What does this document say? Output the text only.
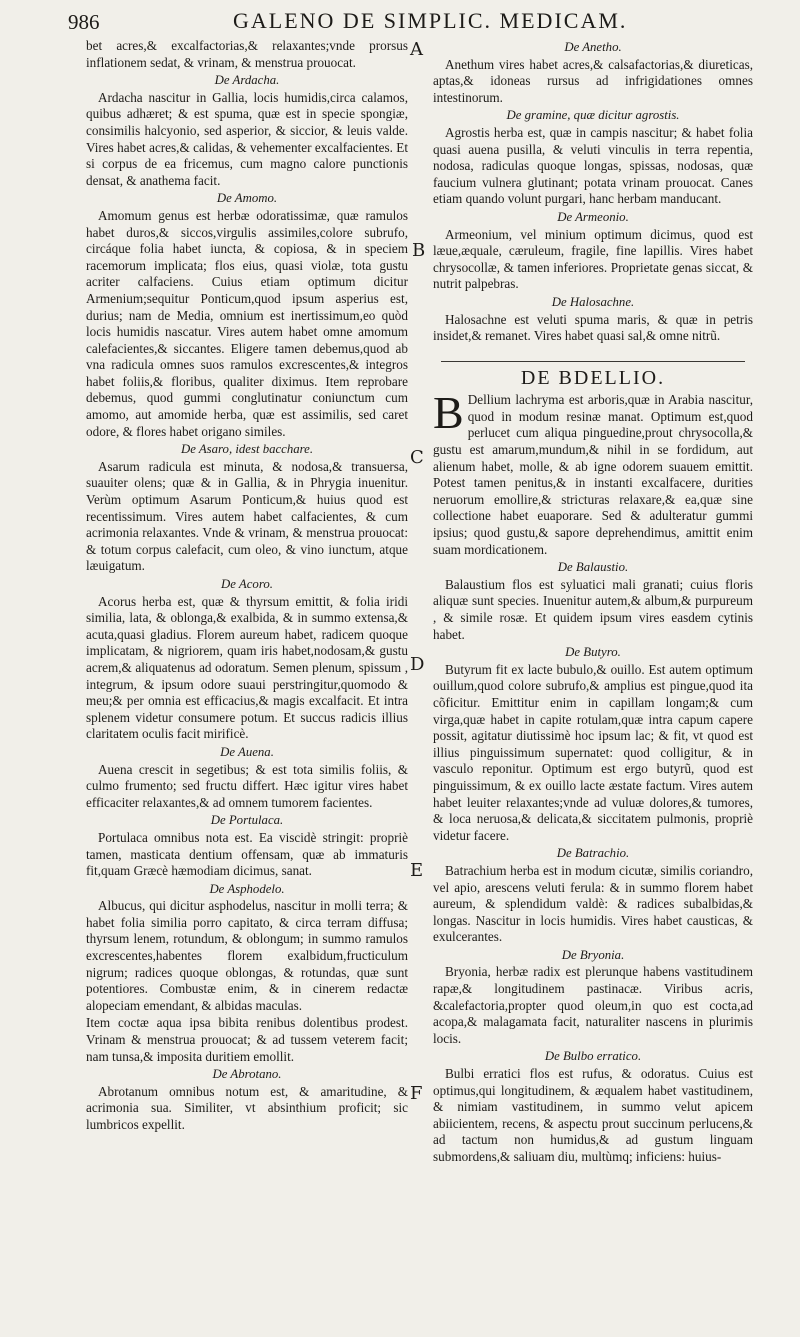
986	GALENO DE SIMPLIC. MEDICAM.
A
B
C
D
E
F

bet acres,& excalfactorias,& relaxantes;vnde prorsus inflationem sedat, & vrinam, & menstrua prouocat.

De Ardacha.

Ardacha nascitur in Gallia, locis humidis,circa calamos, quibus adhæret; & est spuma, quæ est in specie spongiæ, consimilis halcyonio, sed asperior, & siccior, & leuis valde. Vires habet acres,& calidas, & vehementer excalfacientes. Et si corpus de ea fricemus, cum magno calore punctionis densat, & anathema facit.

De Amomo.

Amomum genus est herbæ odoratissimæ, quæ ramulos habet duros,& siccos,virgulis assimiles,colore subrufo, circáque folia habet iuncta, & copiosa, & in speciem racemorum implicata; flos eius, quasi violæ, tota gustu acriter calfaciens. Cuius etiam optimum dicitur Armenium;sequitur Ponticum,quod ipsum asperius est, durius; nam de Media, omnium est inertissimum,eo quòd locis humidis nascatur. Vires autem habet omne amomum calefacientes,& siccantes. Eligere tamen debemus,quod ab vna radicula omnes suos ramulos excrescentes,& integros habet foliis,& floribus, qualiter diximus. Item reprobare debemus, quod gummi conglutinatur coniunctum cum amomo, aut amomide herba, quæ est assimilis, sed caret odore, & flores habet origano similes.

De Asaro, idest bacchare.

Asarum radicula est minuta, & nodosa,& transuersa, suauiter olens; quæ & in Gallia, & in Phrygia inuenitur. Verùm optimum Asarum Ponticum,& huius quod est recentissimum. Vires autem habet calfacientes, & cum acrimonia relaxantes. Vnde & vrinam, & menstrua prouocat: & totum corpus calefacit, cum oleo, & vino iunctum, atque læuigatum.

De Acoro.

Acorus herba est, quæ & thyrsum emittit, & folia iridi similia, lata, & oblonga,& exalbida, & in summo extensa,& acuta,quasi gladius. Florem aureum habet, radicem quoque implicatam, & nigriorem, quam iris habet,nodosam,& gustu acrem,& aliquatenus ad odoratum. Semen plenum, spissum , integrum, & ipsum odore suaui perstringitur,quomodo & meu;& per omnia est efficacius,& magis excalfacit. Et intra splenem videtur consumere potum. Et succus radicis illius claritatem oculis facit mirificè.

De Auena.

Auena crescit in segetibus; & est tota similis foliis, & culmo frumento; sed fructu differt. Hæc igitur vires habet efficaciter relaxantes,& ad omnem tumorem facientes.

De Portulaca.

Portulaca omnibus nota est. Ea viscidè stringit: propriè tamen, masticata dentium offensam, quæ ab immaturis fit,quam Græcè hæmodiam dicimus, sanat.

De Asphodelo.

Albucus, qui dicitur asphodelus, nascitur in molli terra; & habet folia similia porro capitato, & circa terram diffusa; thyrsum lenem, rotundum, & oblongum; in summo ramulos excrescentes,habentes florem exalbidum,fructiculum nigrum; radices quoque oblongas, & rotundas, quæ sunt potentiores. Combustæ enim, & in cinerem redactæ alopeciam emendant, & albidas maculas.

Item coctæ aqua ipsa bibita renibus dolentibus prodest. Vrinam & menstrua prouocat; & ad tussem veterem facit; nam tunsa,& imposita duritiem emollit.

De Abrotano.

Abrotanum omnibus notum est, & amaritudine, & acrimonia sua. Similiter, vt absinthium proficit; sic lumbricos expellit.

De Anetho.

Anethum vires habet acres,& calsafactorias,& diureticas, aptas,& idoneas rursus ad infrigidationes omnes intestinorum.

De gramine, quæ dicitur agrostis.

Agrostis herba est, quæ in campis nascitur; & habet folia quasi auena pusilla, & veluti vinculis in terra repentia, nodosa, radiculas quoque longas, spissas, nodosas, quæ faucium vulnera glutinant; potata vrinam prouocat. Canes etiam quando volunt purgari, hanc herbam manducant.

De Armeonio.

Armeonium, vel minium optimum dicimus, quod est læue,æquale, cæruleum, fragile, fine lapillis. Vires habet chrysocollæ, & tamen inferiores. Proprietate genas siccat, & nutrit palpebras.

De Halosachne.

Halosachne est veluti spuma maris, & quæ in petris insidet,& remanet. Vires habet quasi sal,& omne nitrũ.

DE BDELLIO.

B Dellium lachryma est arboris,quæ in Arabia nascitur, quod in modum resinæ manat. Optimum est,quod perlucet cum aliqua pinguedine,prout chrysocolla,& gustu est amarum,mundum,& nihil in se fordidum, aut alienum habet, molle, & ab igne odorem suauem emittit. Potest tamen penitus,& in instanti excalfacere, durities neruorum emollire,& stricturas relaxare,& ea,quæ sine collectione habet euaporare. Sed & adulteratur gummi ipsius; quod gustu,& sapore deprehendimus, amittit enim suam mordicationem.

De Balaustio.

Balaustium flos est syluatici mali granati; cuius floris aliquæ sunt species. Inuenitur autem,& album,& purpureum , & simile rosæ. Et quidem ipsum vires easdem cytinis habet.

De Butyro.

Butyrum fit ex lacte bubulo,& ouillo. Est autem optimum ouillum,quod colore subrufo,& amplius est pingue,quod ita cõficitur. Emittitur enim in capillam longam;& cum virga,quæ habet in capite rotulam,quæ intra capum capere possit, agitatur diutissimè hoc ipsum lac; & fit, vt quod est illius pinguissimum supernatet: quod colligitur, & in vasculo reponitur. Optimum est ergo butyrũ, quod est pinguissimum, & ex ouillo lacte æstate factum. Vires autem habet leuiter relaxantes;vnde ad vuluæ dolores,& tumores, & loca neruosa,& delicata,& siccitatem pulmonis, propriè videtur facere.

De Batrachio.

Batrachium herba est in modum cicutæ, similis coriandro, vel apio, arescens veluti ferula: & in summo florem habet aureum, & splendidum valdè: & radices subalbidas,& longas. Nascitur in locis humidis. Vires habet causticas, & exulcerantes.

De Bryonia.

Bryonia, herbæ radix est plerunque habens vastitudinem rapæ,& longitudinem pastinacæ. Viribus acris, &calefactoria,propter quod oleum,in quo est cocta,ad acopa,& malagamata facit, naturaliter nascens in plurimis locis.

De Bulbo erratico.

Bulbi erratici flos est rufus, & odoratus. Cuius est optimus,qui longitudinem, & æqualem habet vastitudinem, & nimiam vastitudinem, in summo velut apicem abiicientem, recens, & aspectu prout succinum perlucens,& ad tactum non humidus,& ad gustum linguam submordens,& saliuam diu, multùmq; inficiens: huius-
